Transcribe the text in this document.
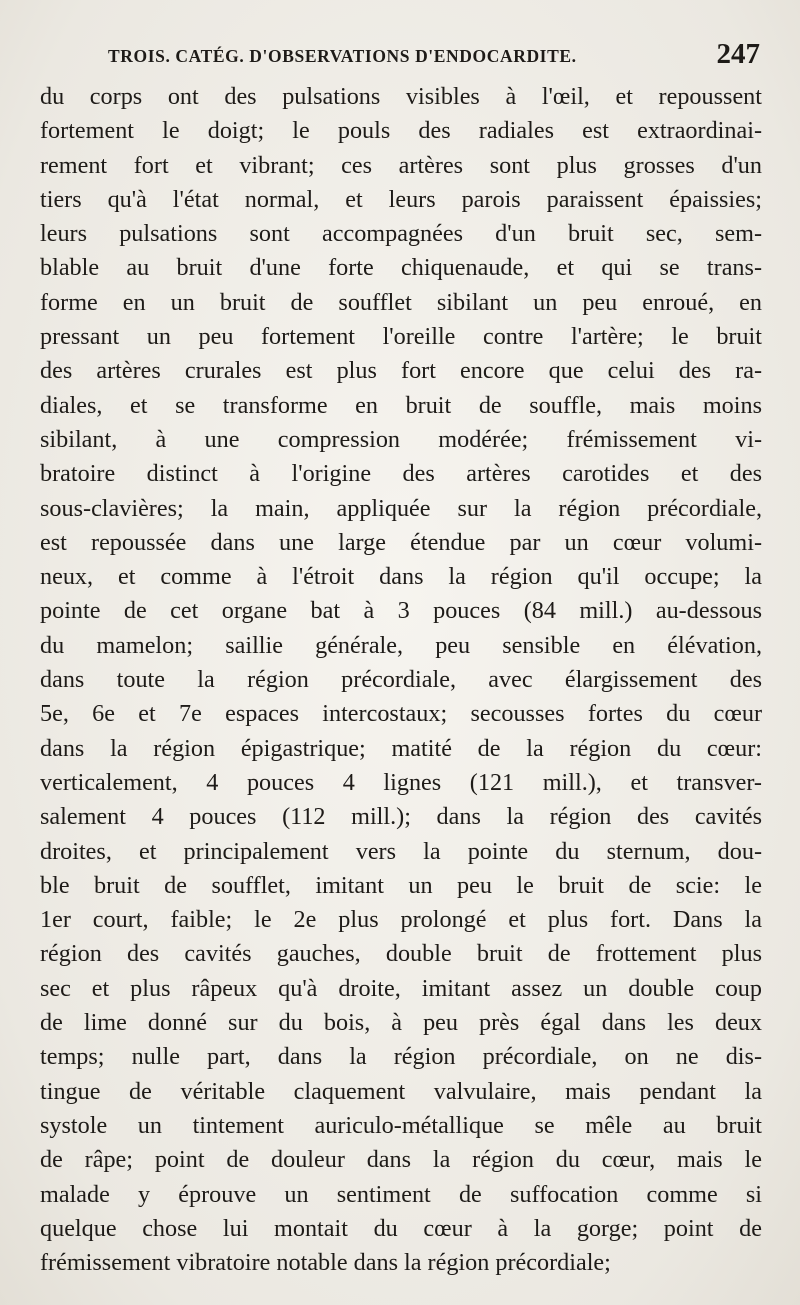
TROIS. CATÉG. D'OBSERVATIONS D'ENDOCARDITE.	247
du corps ont des pulsations visibles à l'œil, et repoussent
fortement le doigt; le pouls des radiales est extraordinai-
rement fort et vibrant; ces artères sont plus grosses d'un
tiers qu'à l'état normal, et leurs parois paraissent épaissies;
leurs pulsations sont accompagnées d'un bruit sec, sem-
blable au bruit d'une forte chiquenaude, et qui se trans-
forme en un bruit de soufflet sibilant un peu enroué, en
pressant un peu fortement l'oreille contre l'artère; le bruit
des artères crurales est plus fort encore que celui des ra-
diales, et se transforme en bruit de souffle, mais moins
sibilant, à une compression modérée; frémissement vi-
bratoire distinct à l'origine des artères carotides et des
sous-clavières; la main, appliquée sur la région précordiale,
est repoussée dans une large étendue par un cœur volumi-
neux, et comme à l'étroit dans la région qu'il occupe; la
pointe de cet organe bat à 3 pouces (84 mill.) au-dessous
du mamelon; saillie générale, peu sensible en élévation,
dans toute la région précordiale, avec élargissement des
5e, 6e et 7e espaces intercostaux; secousses fortes du cœur
dans la région épigastrique; matité de la région du cœur:
verticalement, 4 pouces 4 lignes (121 mill.), et transver-
salement 4 pouces (112 mill.); dans la région des cavités
droites, et principalement vers la pointe du sternum, dou-
ble bruit de soufflet, imitant un peu le bruit de scie: le
1er court, faible; le 2e plus prolongé et plus fort. Dans la
région des cavités gauches, double bruit de frottement plus
sec et plus râpeux qu'à droite, imitant assez un double coup
de lime donné sur du bois, à peu près égal dans les deux
temps; nulle part, dans la région précordiale, on ne dis-
tingue de véritable claquement valvulaire, mais pendant la
systole un tintement auriculo-métallique se mêle au bruit
de râpe; point de douleur dans la région du cœur, mais le
malade y éprouve un sentiment de suffocation comme si
quelque chose lui montait du cœur à la gorge; point de
frémissement vibratoire notable dans la région précordiale;
